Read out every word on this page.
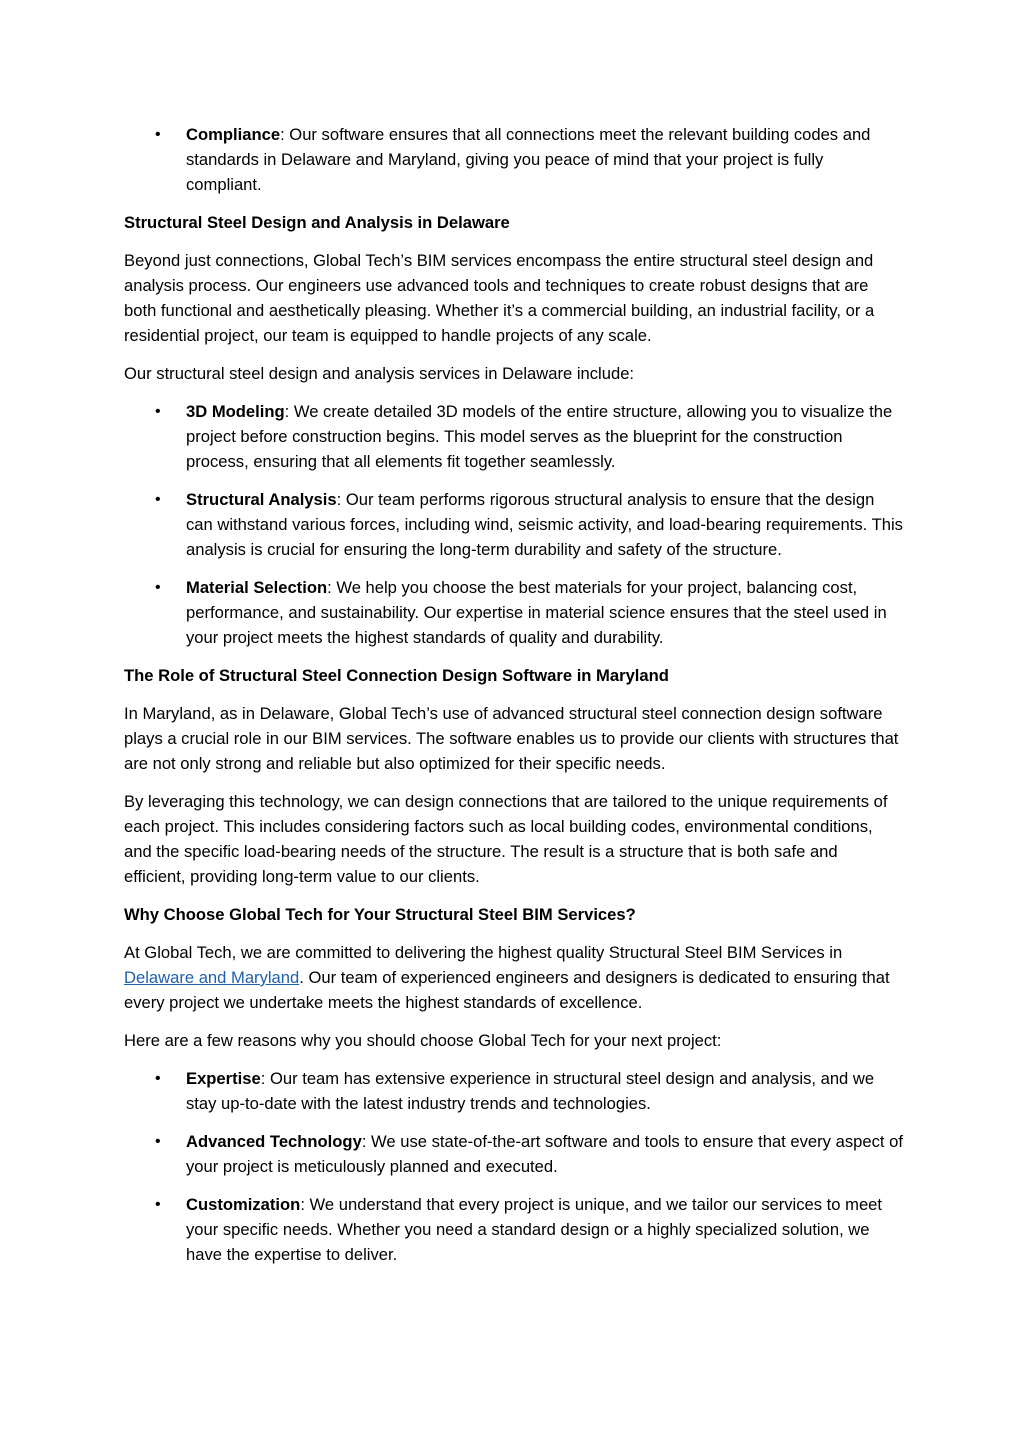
• Compliance: Our software ensures that all connections meet the relevant building codes and standards in Delaware and Maryland, giving you peace of mind that your project is fully compliant.
Structural Steel Design and Analysis in Delaware

Beyond just connections, Global Tech’s BIM services encompass the entire structural steel design and analysis process. Our engineers use advanced tools and techniques to create robust designs that are both functional and aesthetically pleasing. Whether it’s a commercial building, an industrial facility, or a residential project, our team is equipped to handle projects of any scale.

Our structural steel design and analysis services in Delaware include:

• 3D Modeling: We create detailed 3D models of the entire structure, allowing you to visualize the project before construction begins. This model serves as the blueprint for the construction process, ensuring that all elements fit together seamlessly.
• Structural Analysis: Our team performs rigorous structural analysis to ensure that the design can withstand various forces, including wind, seismic activity, and load-bearing requirements. This analysis is crucial for ensuring the long-term durability and safety of the structure.
• Material Selection: We help you choose the best materials for your project, balancing cost, performance, and sustainability. Our expertise in material science ensures that the steel used in your project meets the highest standards of quality and durability.
The Role of Structural Steel Connection Design Software in Maryland

In Maryland, as in Delaware, Global Tech’s use of advanced structural steel connection design software plays a crucial role in our BIM services. The software enables us to provide our clients with structures that are not only strong and reliable but also optimized for their specific needs.

By leveraging this technology, we can design connections that are tailored to the unique requirements of each project. This includes considering factors such as local building codes, environmental conditions, and the specific load-bearing needs of the structure. The result is a structure that is both safe and efficient, providing long-term value to our clients.

Why Choose Global Tech for Your Structural Steel BIM Services?

At Global Tech, we are committed to delivering the highest quality Structural Steel BIM Services in Delaware and Maryland. Our team of experienced engineers and designers is dedicated to ensuring that every project we undertake meets the highest standards of excellence.

Here are a few reasons why you should choose Global Tech for your next project:

• Expertise: Our team has extensive experience in structural steel design and analysis, and we stay up-to-date with the latest industry trends and technologies.
• Advanced Technology: We use state-of-the-art software and tools to ensure that every aspect of your project is meticulously planned and executed.
• Customization: We understand that every project is unique, and we tailor our services to meet your specific needs. Whether you need a standard design or a highly specialized solution, we have the expertise to deliver.
